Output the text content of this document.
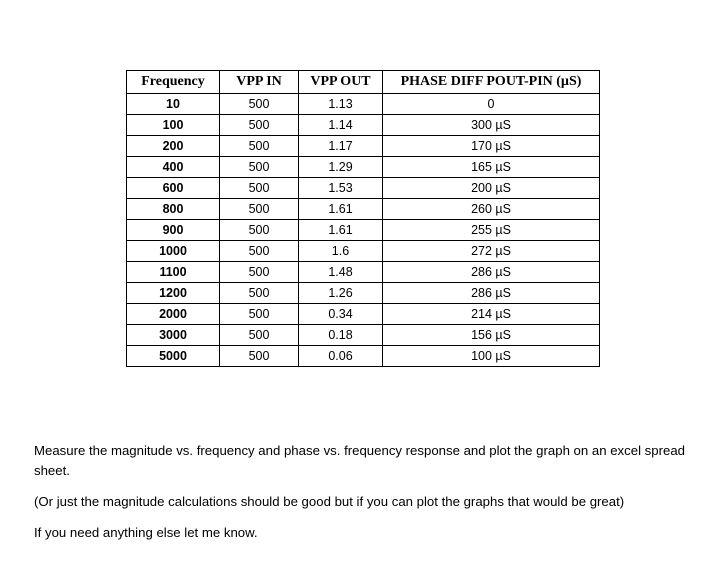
Frequency	VPP IN	VPP OUT	PHASE DIFF POUT-PIN (µS)
10	500	1.13	0
100	500	1.14	300 µS
200	500	1.17	170 µS
400	500	1.29	165 µS
600	500	1.53	200 µS
800	500	1.61	260 µS
900	500	1.61	255 µS
1000	500	1.6	272 µS
1100	500	1.48	286 µS
1200	500	1.26	286 µS
2000	500	0.34	214 µS
3000	500	0.18	156 µS
5000	500	0.06	100 µS

Measure the magnitude vs. frequency and phase vs. frequency response and plot the graph on an excel spread sheet.

(Or just the magnitude calculations should be good but if you can plot the graphs that would be great)

If you need anything else let me know.
